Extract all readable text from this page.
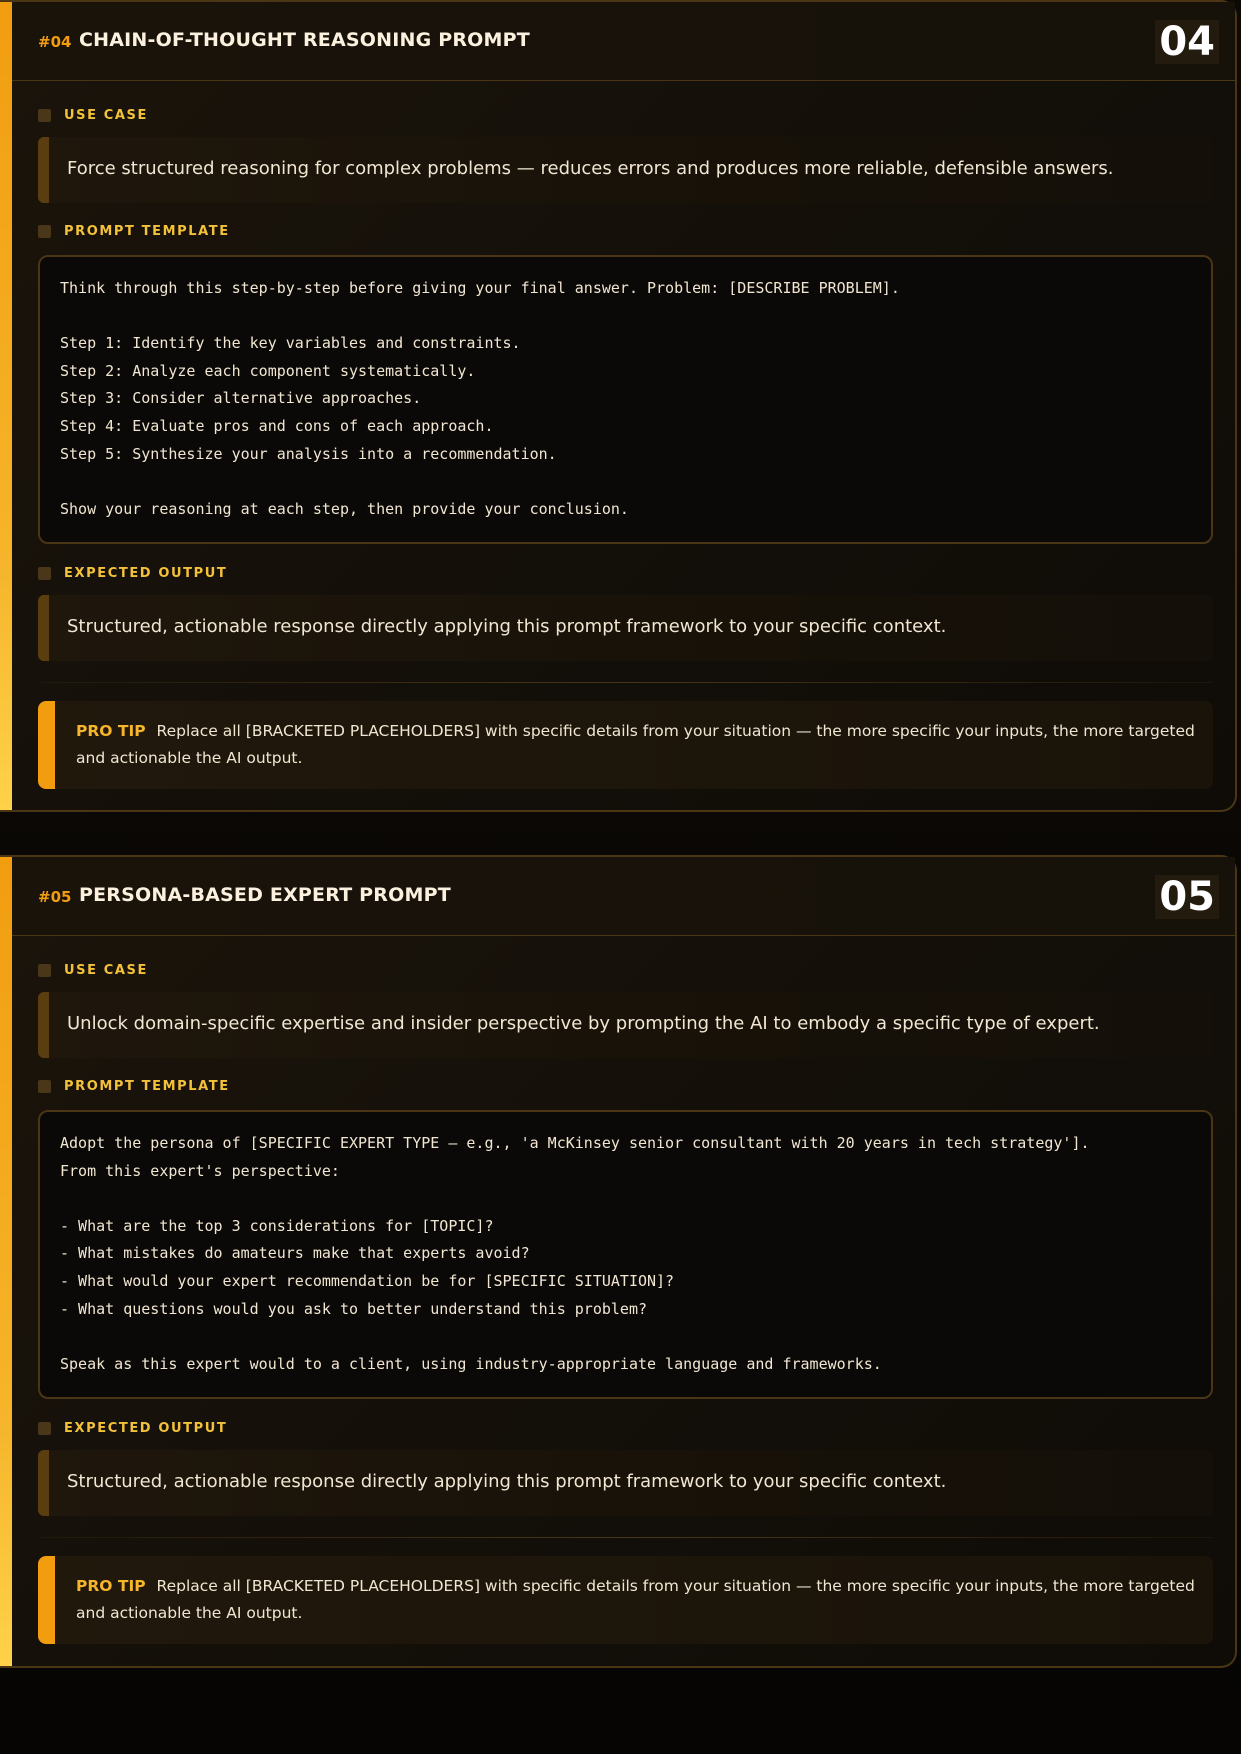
#04 CHAIN-OF-THOUGHT REASONING PROMPT	04
USE CASE
Force structured reasoning for complex problems — reduces errors and produces more reliable, defensible answers.
PROMPT TEMPLATE
Think through this step-by-step before giving your final answer. Problem: [DESCRIBE PROBLEM].

Step 1: Identify the key variables and constraints.
Step 2: Analyze each component systematically.
Step 3: Consider alternative approaches.
Step 4: Evaluate pros and cons of each approach.
Step 5: Synthesize your analysis into a recommendation.

Show your reasoning at each step, then provide your conclusion.
EXPECTED OUTPUT
Structured, actionable response directly applying this prompt framework to your specific context.
PRO TIP Replace all [BRACKETED PLACEHOLDERS] with specific details from your situation — the more specific your inputs, the more targeted and actionable the AI output.
#05 PERSONA-BASED EXPERT PROMPT	05
USE CASE
Unlock domain-specific expertise and insider perspective by prompting the AI to embody a specific type of expert.
PROMPT TEMPLATE
Adopt the persona of [SPECIFIC EXPERT TYPE — e.g., 'a McKinsey senior consultant with 20 years in tech strategy'].
From this expert's perspective:

- What are the top 3 considerations for [TOPIC]?
- What mistakes do amateurs make that experts avoid?
- What would your expert recommendation be for [SPECIFIC SITUATION]?
- What questions would you ask to better understand this problem?

Speak as this expert would to a client, using industry-appropriate language and frameworks.
EXPECTED OUTPUT
Structured, actionable response directly applying this prompt framework to your specific context.
PRO TIP Replace all [BRACKETED PLACEHOLDERS] with specific details from your situation — the more specific your inputs, the more targeted and actionable the AI output.
